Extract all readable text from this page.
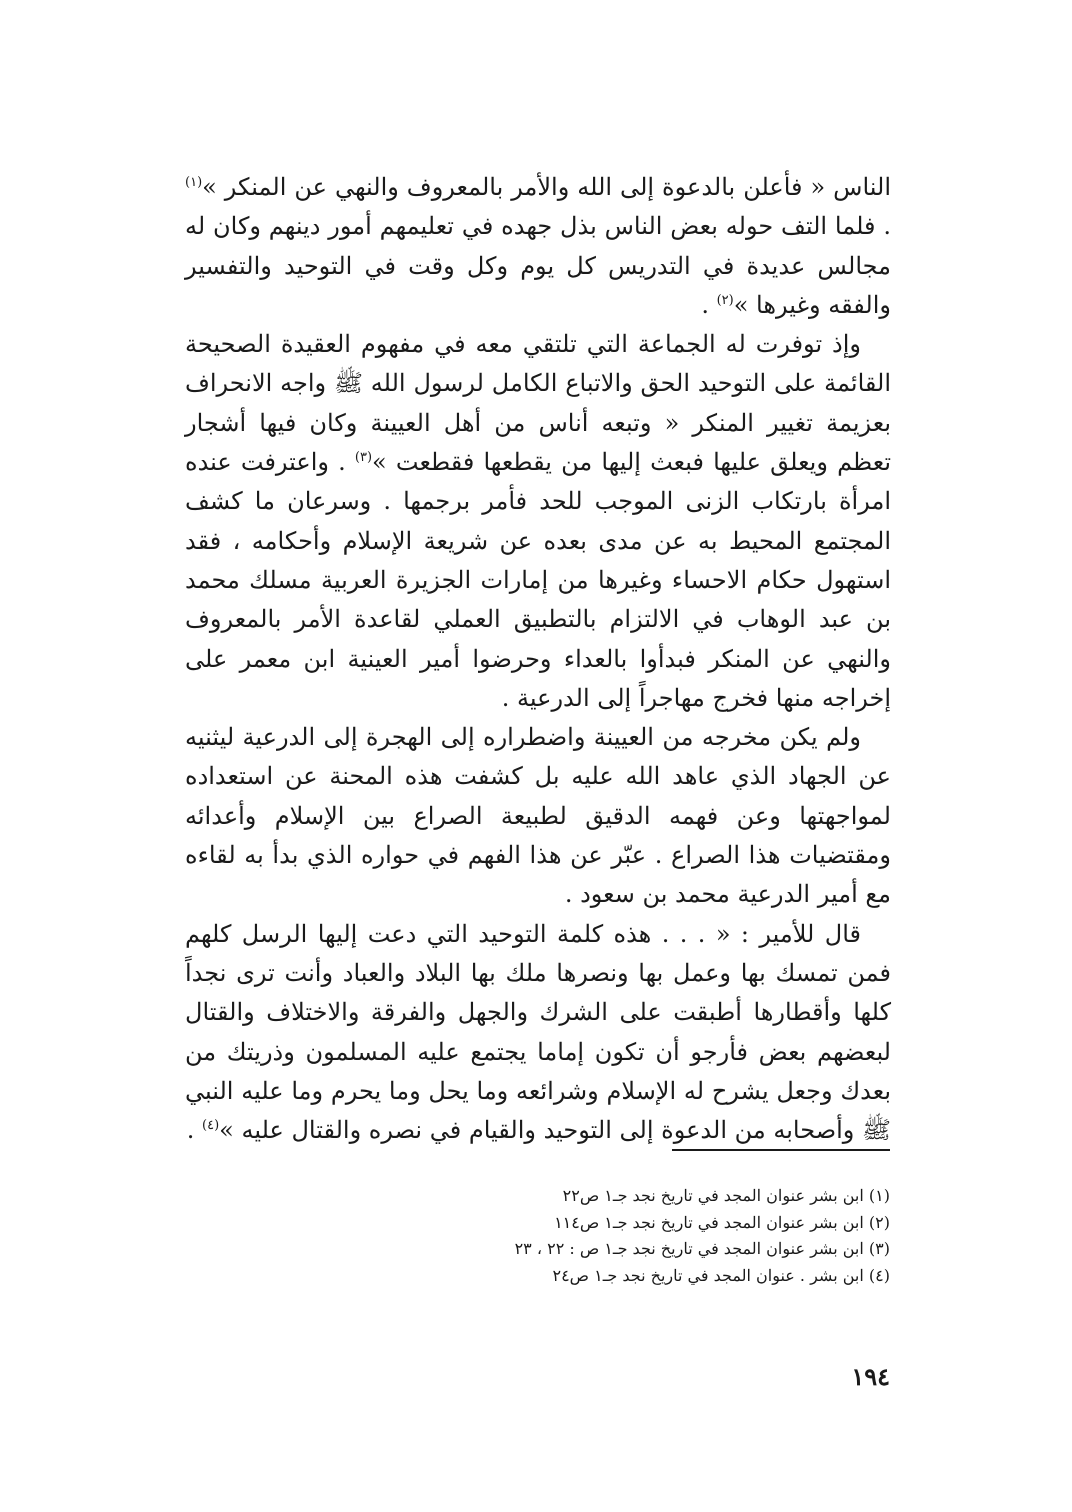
الناس « فأعلن بالدعوة إلى الله والأمر بالمعروف والنهي عن المنكر »$^{(١)}$ . فلما التف حوله بعض الناس بذل جهده في تعليمهم أمور دينهم وكان له مجالس عديدة في التدريس كل يوم وكل وقت في التوحيد والتفسير والفقه وغيرها »$^{(٢)}$ .

وإذ توفرت له الجماعة التي تلتقي معه في مفهوم العقيدة الصحيحة القائمة على التوحيد الحق والاتباع الكامل لرسول الله ﷺ واجه الانحراف بعزيمة تغيير المنكر « وتبعه أناس من أهل العيينة وكان فيها أشجار تعظم ويعلق عليها فبعث إليها من يقطعها فقطعت »$^{(٣)}$ . واعترفت عنده امرأة بارتكاب الزنى الموجب للحد فأمر برجمها . وسرعان ما كشف المجتمع المحيط به عن مدى بعده عن شريعة الإسلام وأحكامه ، فقد استهول حكام الاحساء وغيرها من إمارات الجزيرة العربية مسلك محمد بن عبد الوهاب في الالتزام بالتطبيق العملي لقاعدة الأمر بالمعروف والنهي عن المنكر فبدأوا بالعداء وحرضوا أمير العينية ابن معمر على إخراجه منها فخرج مهاجراً إلى الدرعية .

ولم يكن مخرجه من العيينة واضطراره إلى الهجرة إلى الدرعية ليثنيه عن الجهاد الذي عاهد الله عليه بل كشفت هذه المحنة عن استعداده لمواجهتها وعن فهمه الدقيق لطبيعة الصراع بين الإسلام وأعدائه ومقتضيات هذا الصراع . عبّر عن هذا الفهم في حواره الذي بدأ به لقاءه مع أمير الدرعية محمد بن سعود .

قال للأمير : « . . . هذه كلمة التوحيد التي دعت إليها الرسل كلهم فمن تمسك بها وعمل بها ونصرها ملك بها البلاد والعباد وأنت ترى نجداً كلها وأقطارها أطبقت على الشرك والجهل والفرقة والاختلاف والقتال لبعضهم بعض فأرجو أن تكون إماما يجتمع عليه المسلمون وذريتك من بعدك وجعل يشرح له الإسلام وشرائعه وما يحل وما يحرم وما عليه النبي ﷺ وأصحابه من الدعوة إلى التوحيد والقيام في نصره والقتال عليه »$^{(٤)}$ .

(١) ابن بشر عنوان المجد في تاريخ نجد جـ١ ص٢٢

(٢) ابن بشر عنوان المجد في تاريخ نجد جـ١ ص١١٤

(٣) ابن بشر عنوان المجد في تاريخ نجد جـ١ ص : ٢٢ ، ٢٣

(٤) ابن بشر . عنوان المجد في تاريخ نجد جـ١ ص٢٤

١٩٤
